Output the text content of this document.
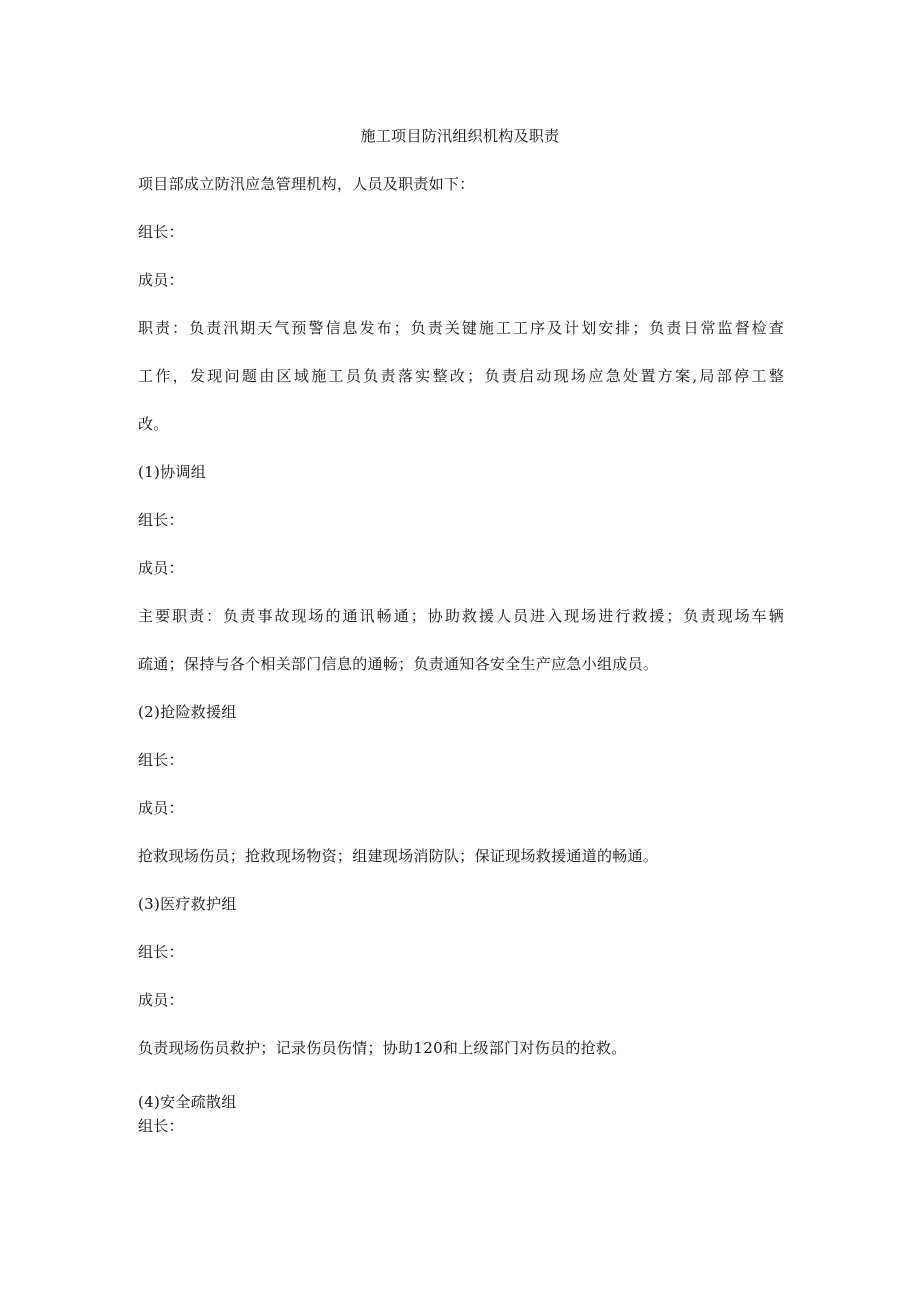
施工项目防汛组织机构及职责
项目部成立防汛应急管理机构，人员及职责如下：
组长：
成员：
职责：负责汛期天气预警信息发布；负责关键施工工序及计划安排；负责日常监督检查
工作，发现问题由区域施工员负责落实整改；负责启动现场应急处置方案,局部停工整
改。
(1)协调组
组长：
成员：
主要职责：负责事故现场的通讯畅通；协助救援人员进入现场进行救援；负责现场车辆
疏通；保持与各个相关部门信息的通畅；负责通知各安全生产应急小组成员。
(2)抢险救援组
组长：
成员：
抢救现场伤员；抢救现场物资；组建现场消防队；保证现场救援通道的畅通。
(3)医疗救护组
组长：
成员：
负责现场伤员救护；记录伤员伤情；协助120和上级部门对伤员的抢救。
(4)安全疏散组
组长：
